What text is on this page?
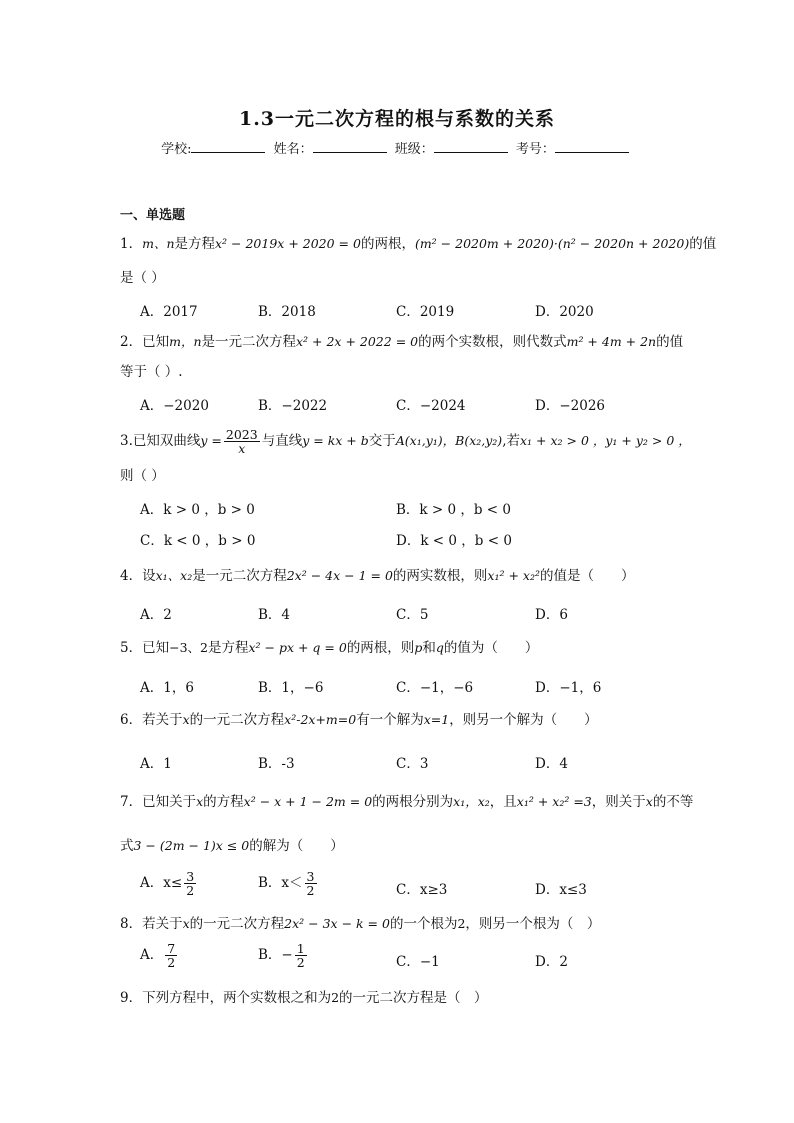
1.3一元二次方程的根与系数的关系
学校:	姓名：	班级：	考号：
一、单选题
1．m、n是方程x² − 2019x + 2020 = 0的两根，(m² − 2020m + 2020)·(n² − 2020n + 2020)的值
是（ ）
A．2017	B．2018	C．2019	D．2020
2．已知m，n是一元二次方程x² + 2x + 2022 = 0的两个实数根，则代数式m² + 4m + 2n的值
等于（ ）.
A．−2020	B．−2022	C．−2024	D．−2026
3.已知双曲线$y = \frac{2023}{x}$ 与直线y = kx + b交于A(x₁,y₁)，B(x₂,y₂),若x₁ + x₂ > 0 ，y₁ + y₂ > 0 ，
则（ ）
A．k > 0 ，b > 0	B．k > 0 ，b < 0
C．k < 0 ，b > 0	D．k < 0 ，b < 0
4．设x₁、x₂是一元二次方程2x² − 4x − 1 = 0的两实数根，则x₁² + x₂²的值是（　　）
A．2	B．4	C．5	D．6
5．已知−3、2是方程x² − px + q = 0的两根，则p和q的值为（　　）
A．1，6	B．1，−6	C．−1，−6	D．−1，6
6．若关于x的一元二次方程x²-2x+m=0有一个解为x=1，则另一个解为（　　）
A．1	B．-3	C．3	D．4
7．已知关于x的方程x² − x + 1 − 2m = 0的两根分别为x₁，x₂，且x₁² + x₂² =3，则关于x的不等
式3 − (2m − 1)x ≤ 0的解为（　　）
A．$x\le \frac{3}{2}$	B．$x< \frac{3}{2}$	C．x≥3	D．x≤3
8．若关于x的一元二次方程2x² − 3x − k = 0的一个根为2，则另一个根为（　）
A． $\frac{7}{2}$	B．− $\frac{1}{2}$	C．−1	D．2
9．下列方程中，两个实数根之和为2的一元二次方程是（　）
